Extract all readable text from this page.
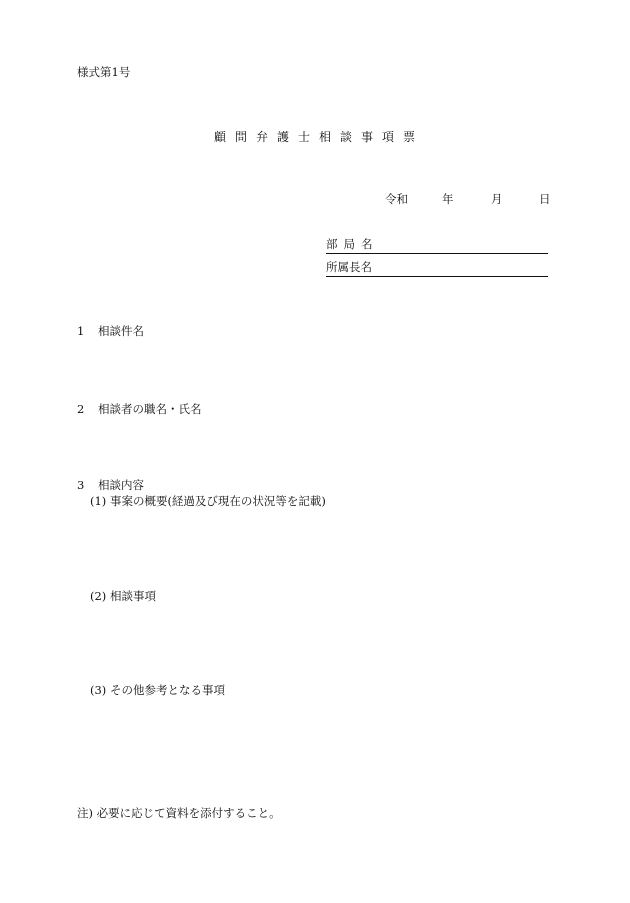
様式第1号
顧問弁護士相談事項票
令和	年	月	日
部局名
所属長名
1 相談件名
2 相談者の職名・氏名
3 相談内容
(1) 事案の概要(経過及び現在の状況等を記載)
(2) 相談事項
(3) その他参考となる事項
注) 必要に応じて資料を添付すること。
